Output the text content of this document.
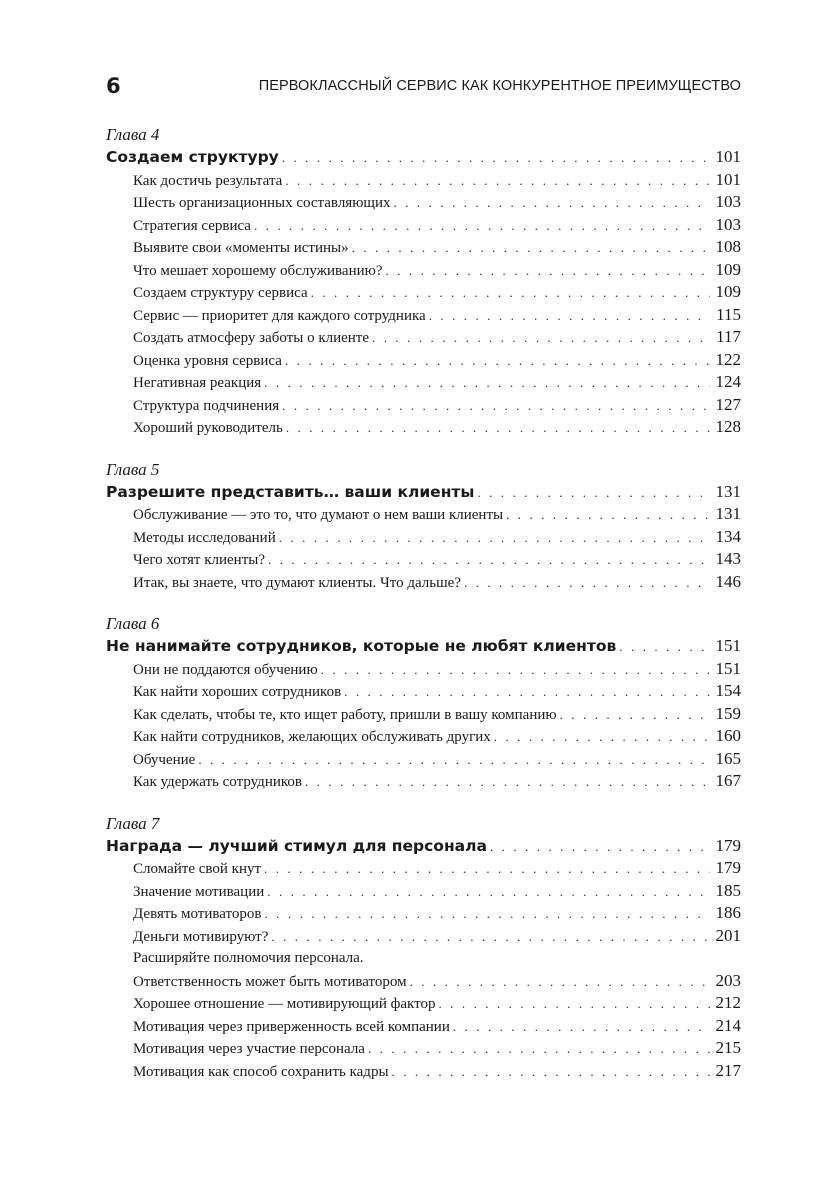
6	ПЕРВОКЛАССНЫЙ СЕРВИС КАК КОНКУРЕНТНОЕ ПРЕИМУЩЕСТВО
Глава 4
Создаем структуру . . .	101
Как достичь результата . . .	101
Шесть организационных составляющих . . .	103
Стратегия сервиса . . .	103
Выявите свои «моменты истины» . . .	108
Что мешает хорошему обслуживанию? . . .	109
Создаем структуру сервиса . . .	109
Сервис — приоритет для каждого сотрудника . . .	115
Создать атмосферу заботы о клиенте . . .	117
Оценка уровня сервиса . . .	122
Негативная реакция . . .	124
Структура подчинения . . .	127
Хороший руководитель . . .	128
Глава 5
Разрешите представить… ваши клиенты . . .	131
Обслуживание — это то, что думают о нем ваши клиенты . . .	131
Методы исследований . . .	134
Чего хотят клиенты? . . .	143
Итак, вы знаете, что думают клиенты. Что дальше? . . .	146
Глава 6
Не нанимайте сотрудников, которые не любят клиентов . . .	151
Они не поддаются обучению . . .	151
Как найти хороших сотрудников . . .	154
Как сделать, чтобы те, кто ищет работу, пришли в вашу компанию . . .	159
Как найти сотрудников, желающих обслуживать других . . .	160
Обучение . . .	165
Как удержать сотрудников . . .	167
Глава 7
Награда — лучший стимул для персонала . . .	179
Сломайте свой кнут . . .	179
Значение мотивации . . .	185
Девять мотиваторов . . .	186
Деньги мотивируют? . . .	201
Расширяйте полномочия персонала.
Ответственность может быть мотиватором . . .	203
Хорошее отношение — мотивирующий фактор . . .	212
Мотивация через приверженность всей компании . . .	214
Мотивация через участие персонала . . .	215
Мотивация как способ сохранить кадры . . .	217
